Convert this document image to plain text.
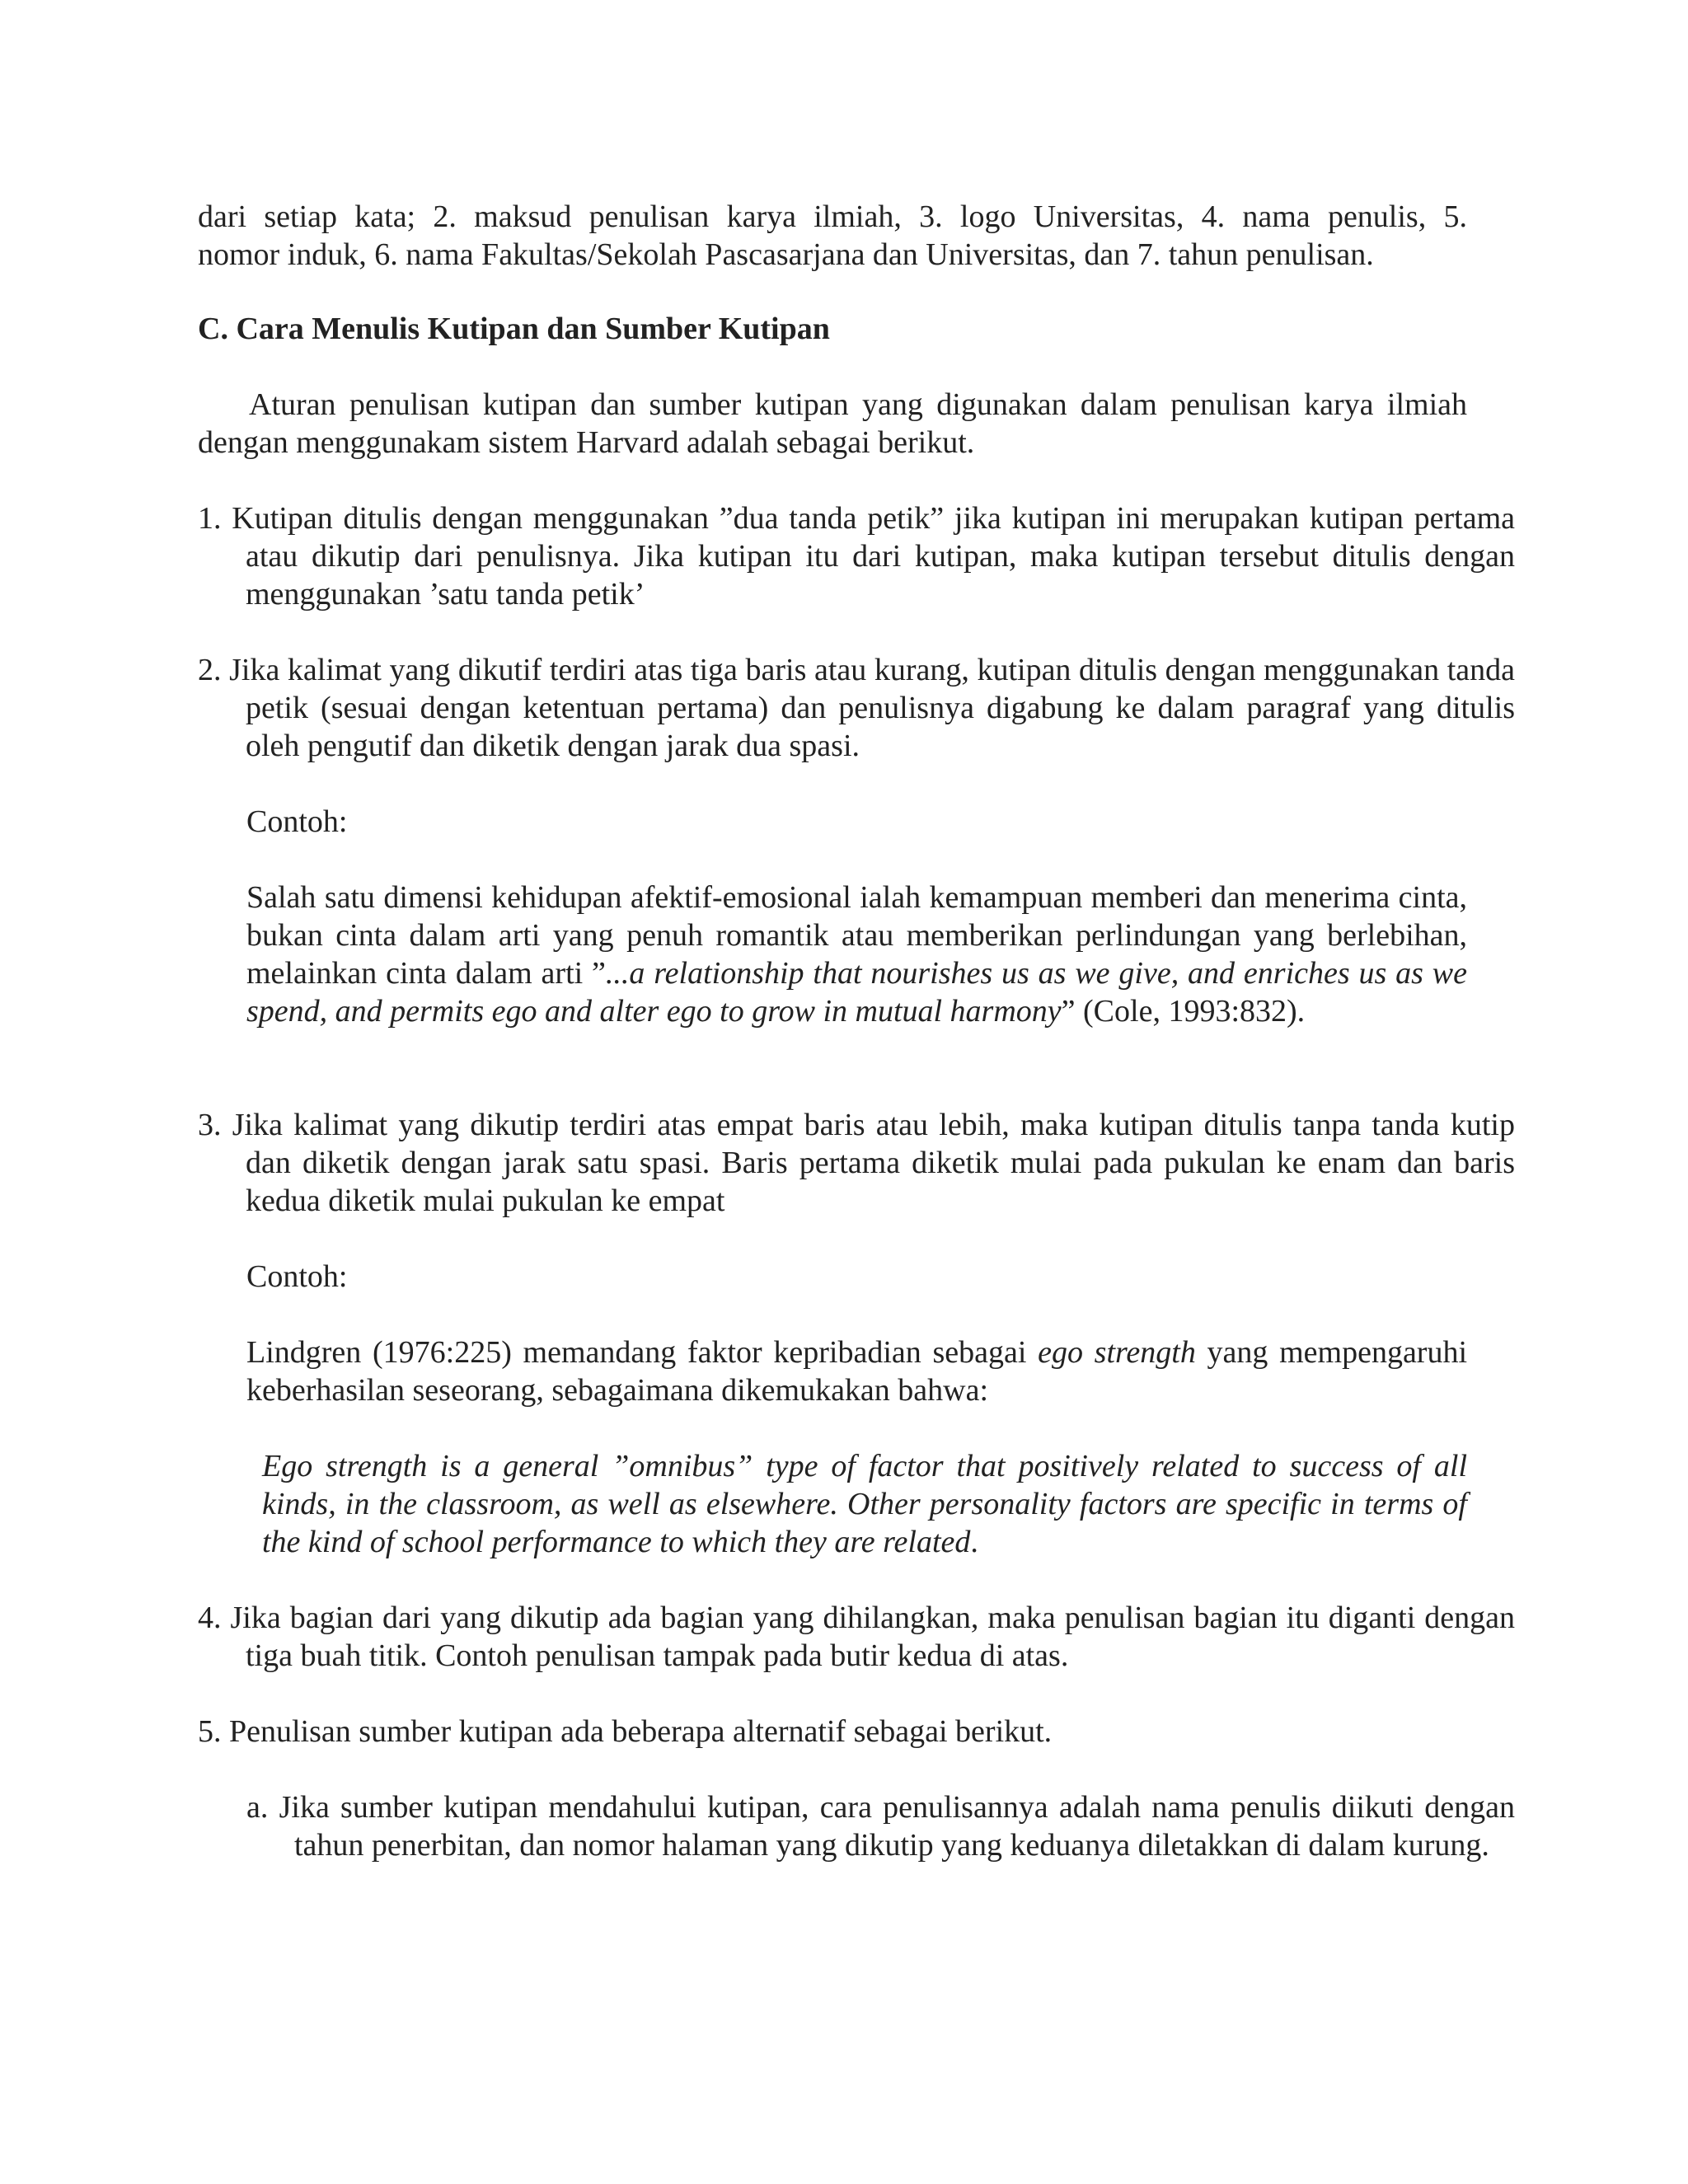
dari setiap kata; 2. maksud penulisan karya ilmiah, 3. logo Universitas, 4. nama penulis, 5.
nomor induk, 6. nama Fakultas/Sekolah Pascasarjana dan Universitas, dan 7. tahun penulisan.

C. Cara Menulis Kutipan dan Sumber Kutipan

Aturan penulisan kutipan dan sumber kutipan yang digunakan dalam penulisan karya ilmiah dengan menggunakam sistem Harvard adalah sebagai berikut.

1. Kutipan ditulis dengan menggunakan ”dua tanda petik” jika kutipan ini merupakan kutipan pertama atau dikutip dari penulisnya. Jika kutipan itu dari kutipan, maka kutipan tersebut ditulis dengan menggunakan ’satu tanda petik’

2. Jika kalimat yang dikutif terdiri atas tiga baris atau kurang, kutipan ditulis dengan menggunakan tanda petik (sesuai dengan ketentuan pertama) dan penulisnya digabung ke dalam paragraf yang ditulis oleh pengutif dan diketik dengan jarak dua spasi.

Contoh:

Salah satu dimensi kehidupan afektif-emosional ialah kemampuan memberi dan menerima cinta, bukan cinta dalam arti yang penuh romantik atau memberikan perlindungan yang berlebihan, melainkan cinta dalam arti ”...a relationship that nourishes us as we give, and enriches us as we spend, and permits ego and alter ego to grow in mutual harmony” (Cole, 1993:832).

3. Jika kalimat yang dikutip terdiri atas empat baris atau lebih, maka kutipan ditulis tanpa tanda kutip dan diketik dengan jarak satu spasi. Baris pertama diketik mulai pada pukulan ke enam dan baris kedua diketik mulai pukulan ke empat

Contoh:

Lindgren (1976:225) memandang faktor kepribadian sebagai ego strength yang mempengaruhi keberhasilan seseorang, sebagaimana dikemukakan bahwa:

Ego strength is a general ”omnibus” type of factor that positively related to success of all kinds, in the classroom, as well as elsewhere. Other personality factors are specific in terms of the kind of school performance to which they are related.

4. Jika bagian dari yang dikutip ada bagian yang dihilangkan, maka penulisan bagian itu diganti dengan tiga buah titik. Contoh penulisan tampak pada butir kedua di atas.

5. Penulisan sumber kutipan ada beberapa alternatif sebagai berikut.

a. Jika sumber kutipan mendahului kutipan, cara penulisannya adalah nama penulis diikuti dengan tahun penerbitan, dan nomor halaman yang dikutip yang keduanya diletakkan di dalam kurung.
